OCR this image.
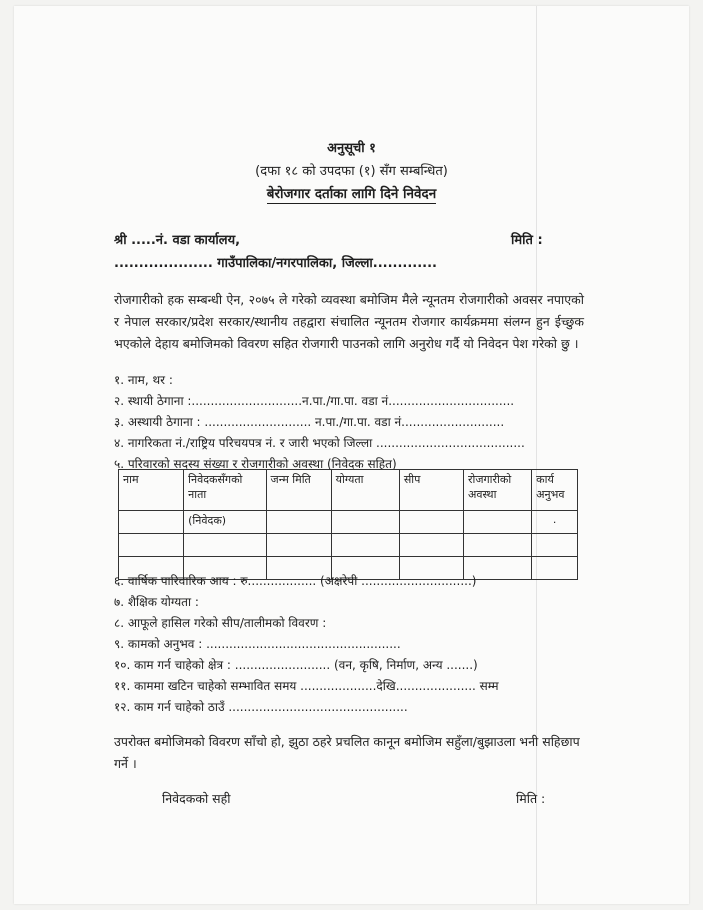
अनुसूची १
(दफा १८ को उपदफा (१) सँग सम्बन्धित)
बेरोजगार दर्ताका लागि दिने निवेदन
श्री .....नं. वडा कार्यालय,
.................... गाउँपालिका/नगरपालिका, जिल्ला.............
मिति :
रोजगारीको हक सम्बन्धी ऐन, २०७५ ले गरेको व्यवस्था बमोजिम मैले न्यूनतम रोजगारीको अवसर नपाएको र नेपाल सरकार/प्रदेश सरकार/स्थानीय तहद्वारा संचालित न्यूनतम रोजगार कार्यक्रममा संलग्न हुन ईच्छुक भएकोले देहाय बमोजिमको विवरण सहित रोजगारी पाउनको लागि अनुरोध गर्दै यो निवेदन पेश गरेको छु ।
१. नाम, थर :
२. स्थायी ठेगाना :.............................न.पा./गा.पा. वडा नं.................................
३. अस्थायी ठेगाना : ............................ न.पा./गा.पा. वडा नं...........................
४. नागरिकता नं./राष्ट्रिय परिचयपत्र नं. र जारी भएको जिल्ला .......................................
५. परिवारको सदस्य संख्या र रोजगारीको अवस्था (निवेदक सहित)
नाम	निवेदकसँगको नाता	जन्म मिति	योग्यता	सीप	रोजगारीको अवस्था	कार्य अनुभव
	(निवेदक)					.

६. वार्षिक पारिवारिक आय : रु.................. (अक्षरेपी .............................)
७. शैक्षिक योग्यता :
८. आफूले हासिल गरेको सीप/तालीमको विवरण :
९. कामको अनुभव : ...................................................
१०. काम गर्न चाहेको क्षेत्र : ......................... (वन, कृषि, निर्माण, अन्य .......)
११. काममा खटिन चाहेको सम्भावित समय ....................देखि..................... सम्म
१२. काम गर्न चाहेको ठाउँ ...............................................
उपरोक्त बमोजिमको विवरण साँचो हो, झुठा ठहरे प्रचलित कानून बमोजिम सहुँला/बुझाउला भनी सहिछाप गर्ने ।
निवेदकको सही	मिति :
